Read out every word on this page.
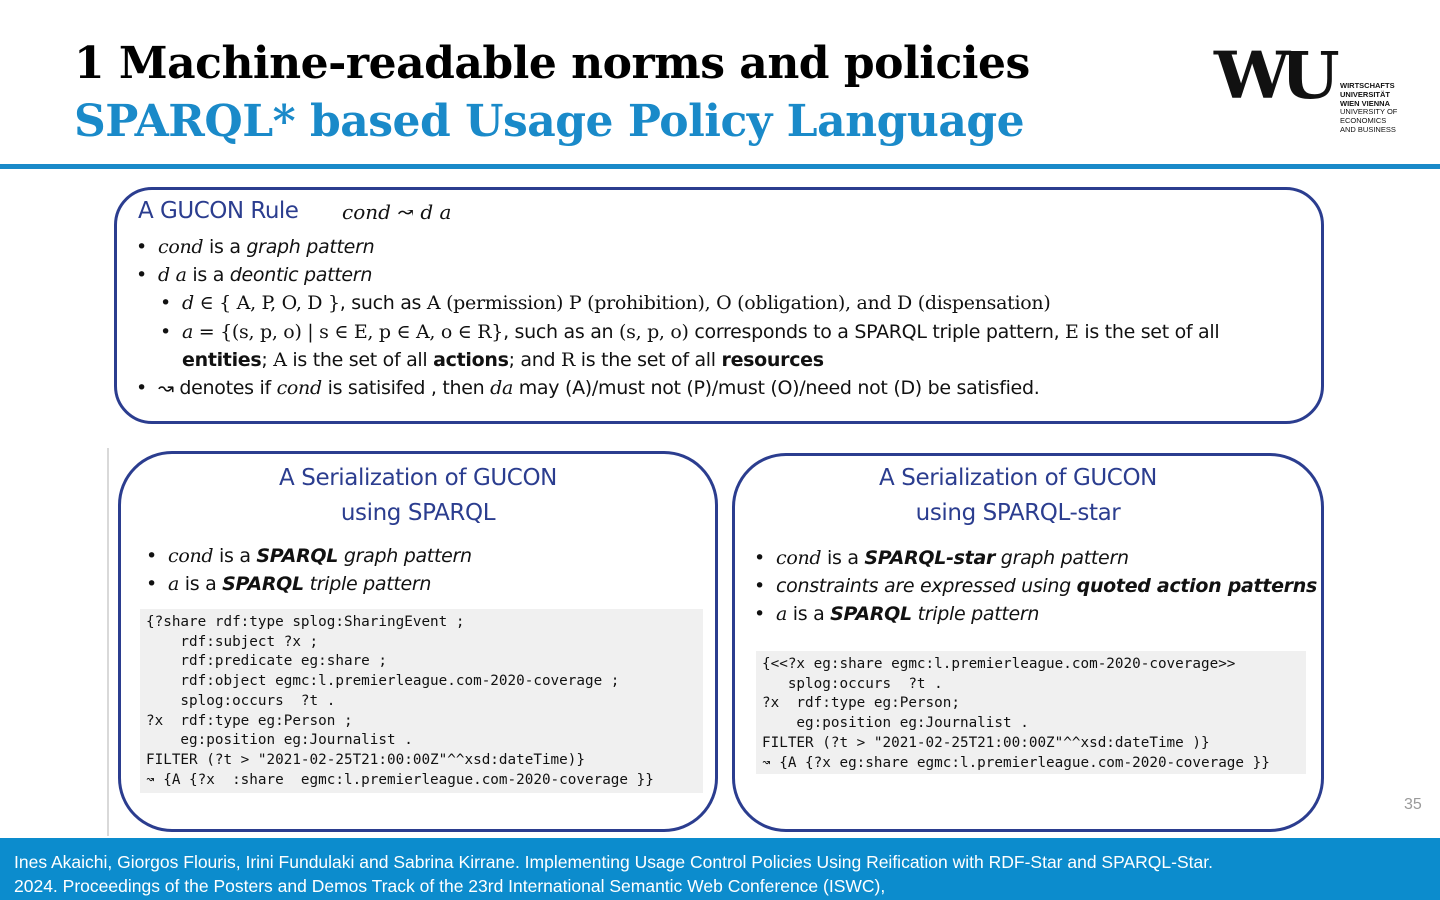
1 Machine-readable norms and policies
SPARQL* based Usage Policy Language
WU WIRTSCHAFTS
UNIVERSITÄT
WIEN VIENNA
UNIVERSITY OF
ECONOMICS
AND BUSINESS
A GUCON Rule cond ↝ d a
• cond is a graph pattern
• d a is a deontic pattern
• d ∈ { A, P, O, D }, such as A (permission) P (prohibition), O (obligation), and D (dispensation)
• a = {(s, p, o) | s ∈ E, p ∈ A, o ∈ R}, such as an (s, p, o) corresponds to a SPARQL triple pattern, E is the set of all
entities; A is the set of all actions; and R is the set of all resources
• ↝ denotes if cond is satisifed , then da may (A)/must not (P)/must (O)/need not (D) be satisfied.
A Serialization of GUCON
using SPARQL
• cond is a SPARQL graph pattern
• a is a SPARQL triple pattern
{?share rdf:type splog:SharingEvent ;
rdf:subject ?x ;
rdf:predicate eg:share ;
rdf:object egmc:l.premierleague.com-2020-coverage ;
splog:occurs  ?t .
?x  rdf:type eg:Person ;
eg:position eg:Journalist .
FILTER (?t > "2021-02-25T21:00:00Z"^^xsd:dateTime)}
↝ {A {?x  :share  egmc:l.premierleague.com-2020-coverage }}
A Serialization of GUCON
using SPARQL-star
• cond is a SPARQL-star graph pattern
• constraints are expressed using quoted action patterns
• a is a SPARQL triple pattern
{<<?x eg:share egmc:l.premierleague.com-2020-coverage>>
splog:occurs  ?t .
?x  rdf:type eg:Person;
eg:position eg:Journalist .
FILTER (?t > "2021-02-25T21:00:00Z"^^xsd:dateTime )}
↝ {A {?x eg:share egmc:l.premierleague.com-2020-coverage }}
35
Ines Akaichi, Giorgos Flouris, Irini Fundulaki and Sabrina Kirrane. Implementing Usage Control Policies Using Reification with RDF-Star and SPARQL-Star.
2024. Proceedings of the Posters and Demos Track of the 23rd International Semantic Web Conference (ISWC),
